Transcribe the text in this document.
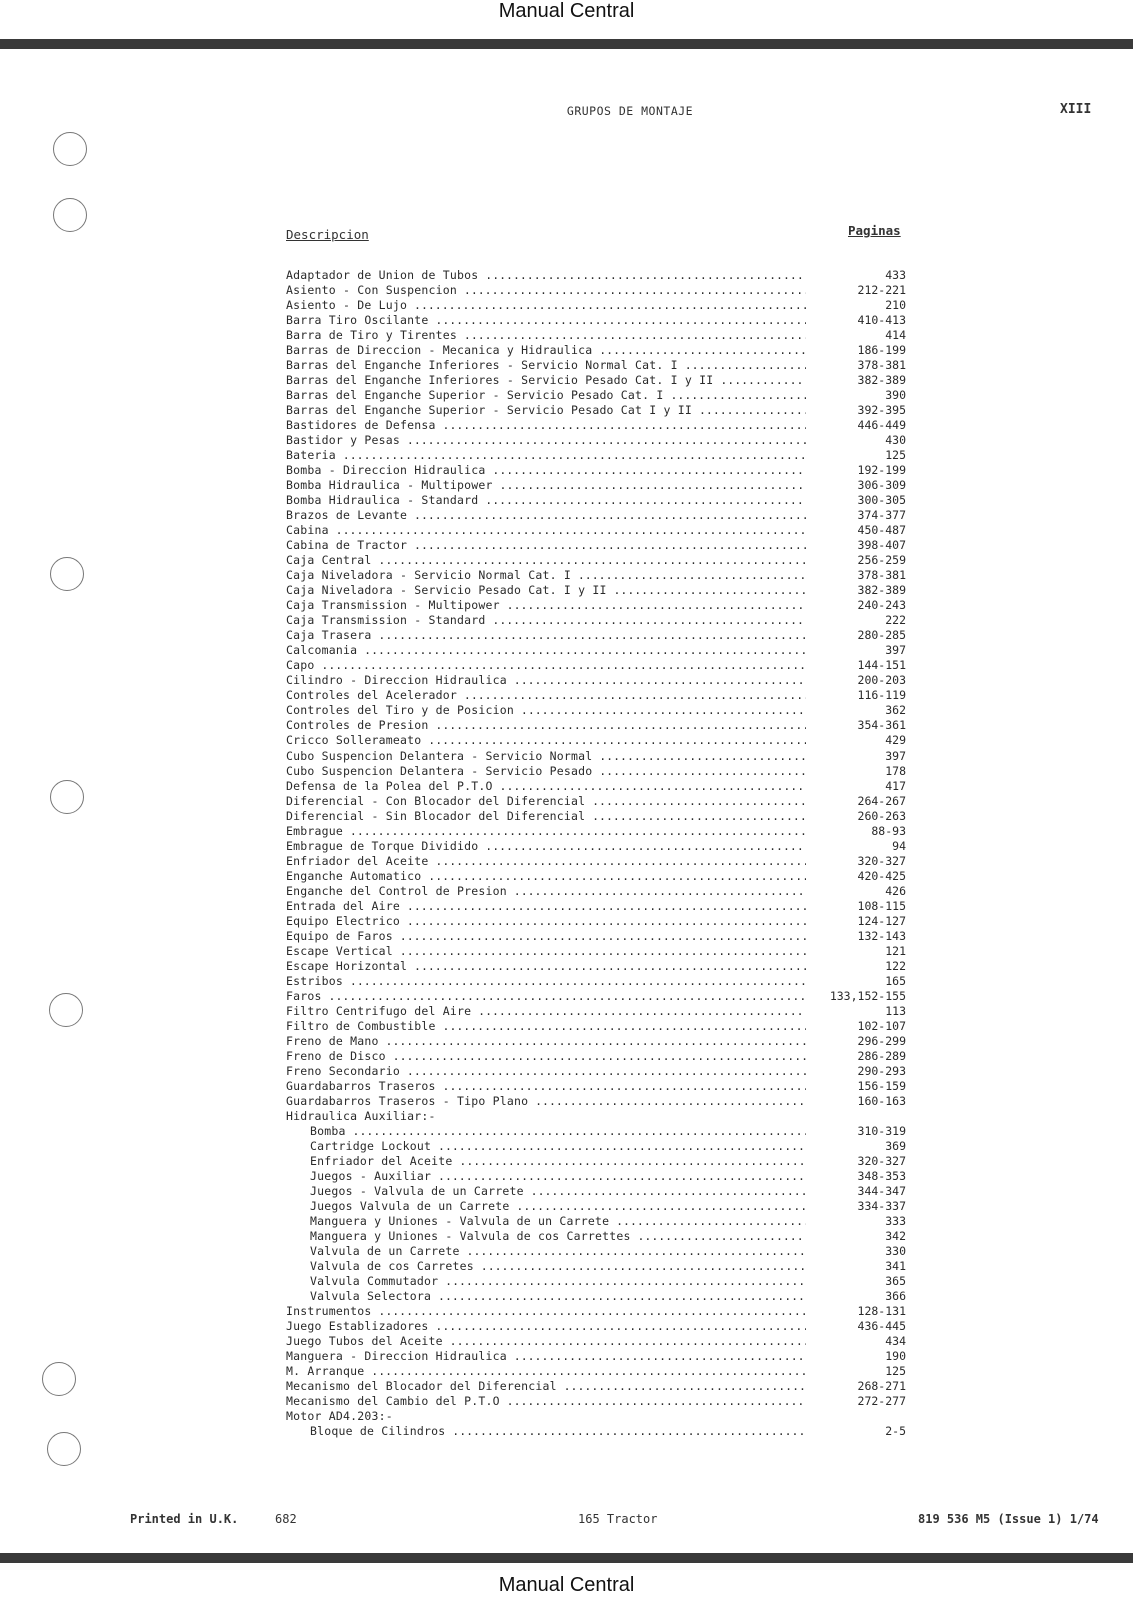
Manual Central
GRUPOS DE MONTAJE	XIII
Descripcion	Paginas
Adaptador de Union de Tubos .....	433
Asiento - Con Suspencion .....	212-221
Asiento - De Lujo .....	210
Barra Tiro Oscilante .....	410-413
Barra de Tiro y Tirentes .....	414
Barras de Direccion - Mecanica y Hidraulica .....	186-199
Barras del Enganche Inferiores - Servicio Normal Cat. I .....	378-381
Barras del Enganche Inferiores - Servicio Pesado Cat. I y II .....	382-389
Barras del Enganche Superior - Servicio Pesado Cat. I .....	390
Barras del Enganche Superior - Servicio Pesado Cat I y II .....	392-395
Bastidores de Defensa .....	446-449
Bastidor y Pesas .....	430
Bateria .....	125
Bomba - Direccion Hidraulica .....	192-199
Bomba Hidraulica - Multipower .....	306-309
Bomba Hidraulica - Standard .....	300-305
Brazos de Levante .....	374-377
Cabina .....	450-487
Cabina de Tractor .....	398-407
Caja Central .....	256-259
Caja Niveladora - Servicio Normal Cat. I .....	378-381
Caja Niveladora - Servicio Pesado Cat. I y II .....	382-389
Caja Transmission - Multipower .....	240-243
Caja Transmission - Standard .....	222
Caja Trasera .....	280-285
Calcomania .....	397
Capo .....	144-151
Cilindro - Direccion Hidraulica .....	200-203
Controles del Acelerador .....	116-119
Controles del Tiro y de Posicion .....	362
Controles de Presion .....	354-361
Cricco Sollerameato .....	429
Cubo Suspencion Delantera - Servicio Normal .....	397
Cubo Suspencion Delantera - Servicio Pesado .....	178
Defensa de la Polea del P.T.O .....	417
Diferencial - Con Blocador del Diferencial .....	264-267
Diferencial - Sin Blocador del Diferencial .....	260-263
Embrague .....	88-93
Embrague de Torque Dividido .....	94
Enfriador del Aceite .....	320-327
Enganche Automatico .....	420-425
Enganche del Control de Presion .....	426
Entrada del Aire .....	108-115
Equipo Electrico .....	124-127
Equipo de Faros .....	132-143
Escape Vertical .....	121
Escape Horizontal .....	122
Estribos .....	165
Faros .....	133,152-155
Filtro Centrifugo del Aire .....	113
Filtro de Combustible .....	102-107
Freno de Mano .....	296-299
Freno de Disco .....	286-289
Freno Secondario .....	290-293
Guardabarros Traseros .....	156-159
Guardabarros Traseros - Tipo Plano .....	160-163
Hidraulica Auxiliar:-
Bomba .....	310-319
Cartridge Lockout .....	369
Enfriador del Aceite .....	320-327
Juegos - Auxiliar .....	348-353
Juegos - Valvula de un Carrete .....	344-347
Juegos Valvula de un Carrete .....	334-337
Manguera y Uniones - Valvula de un Carrete .....	333
Manguera y Uniones - Valvula de cos Carrettes .....	342
Valvula de un Carrete .....	330
Valvula de cos Carretes .....	341
Valvula Commutador .....	365
Valvula Selectora .....	366
Instrumentos .....	128-131
Juego Establizadores .....	436-445
Juego Tubos del Aceite .....	434
Manguera - Direccion Hidraulica .....	190
M. Arranque .....	125
Mecanismo del Blocador del Diferencial .....	268-271
Mecanismo del Cambio del P.T.O .....	272-277
Motor AD4.203:-
Bloque de Cilindros .....	2-5
Printed in U.K.	682	165 Tractor	819 536 M5 (Issue 1) 1/74
Manual Central
